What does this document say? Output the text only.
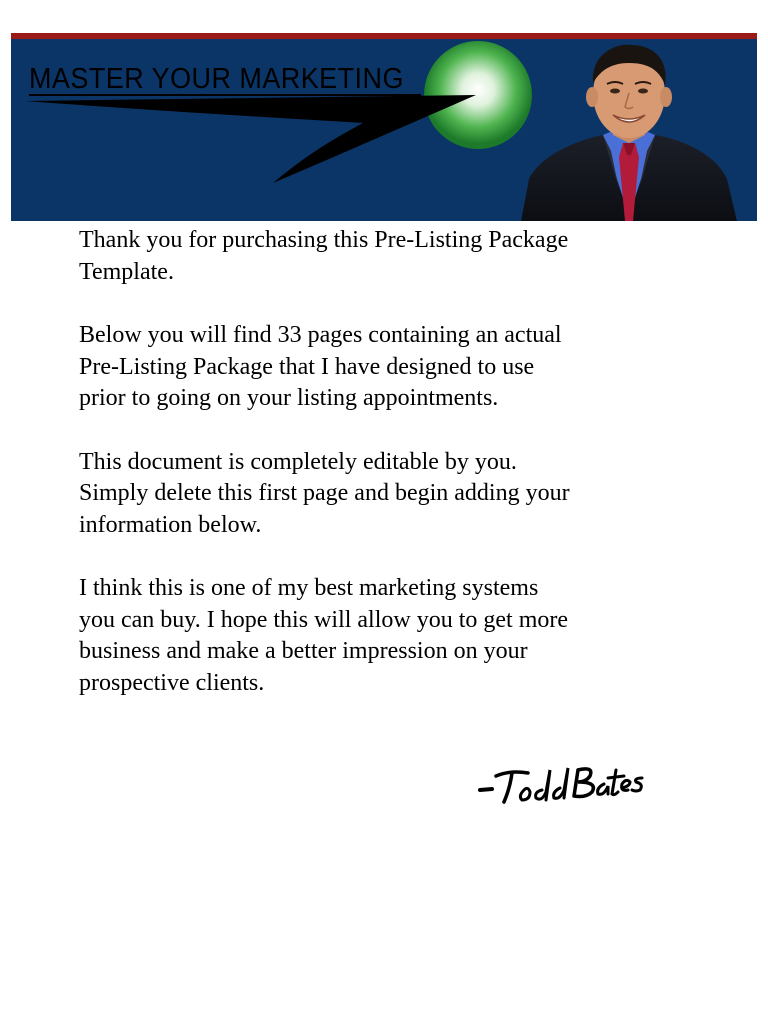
MASTER YOUR MARKETING

Thank you for purchasing this Pre-Listing Package
Template.

Below you will find 33 pages containing an actual
Pre-Listing Package that I have designed to use
prior to going on your listing appointments.

This document is completely editable by you.
Simply delete this first page and begin adding your
information below.

I think this is one of my best marketing systems
you can buy. I hope this will allow you to get more
business and make a better impression on your
prospective clients.
